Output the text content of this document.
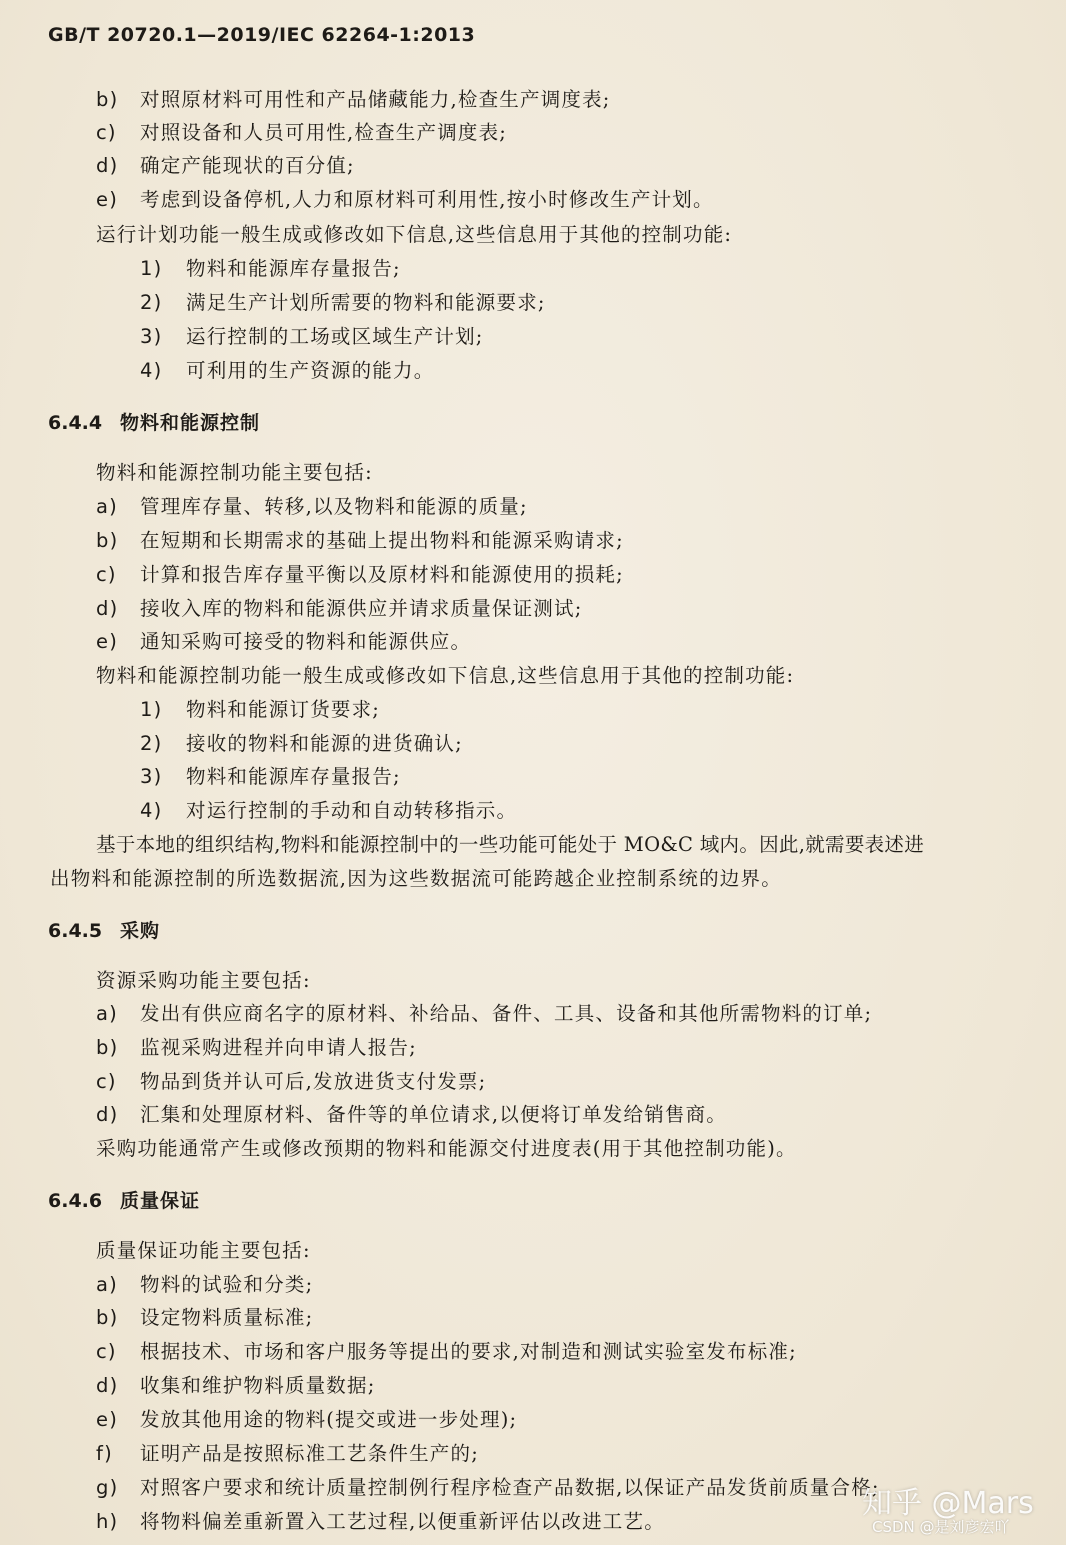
GB/T 20720.1—2019/IEC 62264-1:2013
b) 对照原材料可用性和产品储藏能力,检查生产调度表;
c) 对照设备和人员可用性,检查生产调度表;
d) 确定产能现状的百分值;
e) 考虑到设备停机,人力和原材料可利用性,按小时修改生产计划。
运行计划功能一般生成或修改如下信息,这些信息用于其他的控制功能:
1) 物料和能源库存量报告;
2) 满足生产计划所需要的物料和能源要求;
3) 运行控制的工场或区域生产计划;
4) 可利用的生产资源的能力。
6.4.4 物料和能源控制
物料和能源控制功能主要包括:
a) 管理库存量、转移,以及物料和能源的质量;
b) 在短期和长期需求的基础上提出物料和能源采购请求;
c) 计算和报告库存量平衡以及原材料和能源使用的损耗;
d) 接收入库的物料和能源供应并请求质量保证测试;
e) 通知采购可接受的物料和能源供应。
物料和能源控制功能一般生成或修改如下信息,这些信息用于其他的控制功能:
1) 物料和能源订货要求;
2) 接收的物料和能源的进货确认;
3) 物料和能源库存量报告;
4) 对运行控制的手动和自动转移指示。
基于本地的组织结构,物料和能源控制中的一些功能可能处于 MO&C 域内。因此,就需要表述进
出物料和能源控制的所选数据流,因为这些数据流可能跨越企业控制系统的边界。
6.4.5 采购
资源采购功能主要包括:
a) 发出有供应商名字的原材料、补给品、备件、工具、设备和其他所需物料的订单;
b) 监视采购进程并向申请人报告;
c) 物品到货并认可后,发放进货支付发票;
d) 汇集和处理原材料、备件等的单位请求,以便将订单发给销售商。
采购功能通常产生或修改预期的物料和能源交付进度表(用于其他控制功能)。
6.4.6 质量保证
质量保证功能主要包括:
a) 物料的试验和分类;
b) 设定物料质量标准;
c) 根据技术、市场和客户服务等提出的要求,对制造和测试实验室发布标准;
d) 收集和维护物料质量数据;
e) 发放其他用途的物料(提交或进一步处理);
f) 证明产品是按照标准工艺条件生产的;
g) 对照客户要求和统计质量控制例行程序检查产品数据,以保证产品发货前质量合格;
h) 将物料偏差重新置入工艺过程,以便重新评估以改进工艺。
知乎 @Mars
CSDN @是刘彦宏吖
